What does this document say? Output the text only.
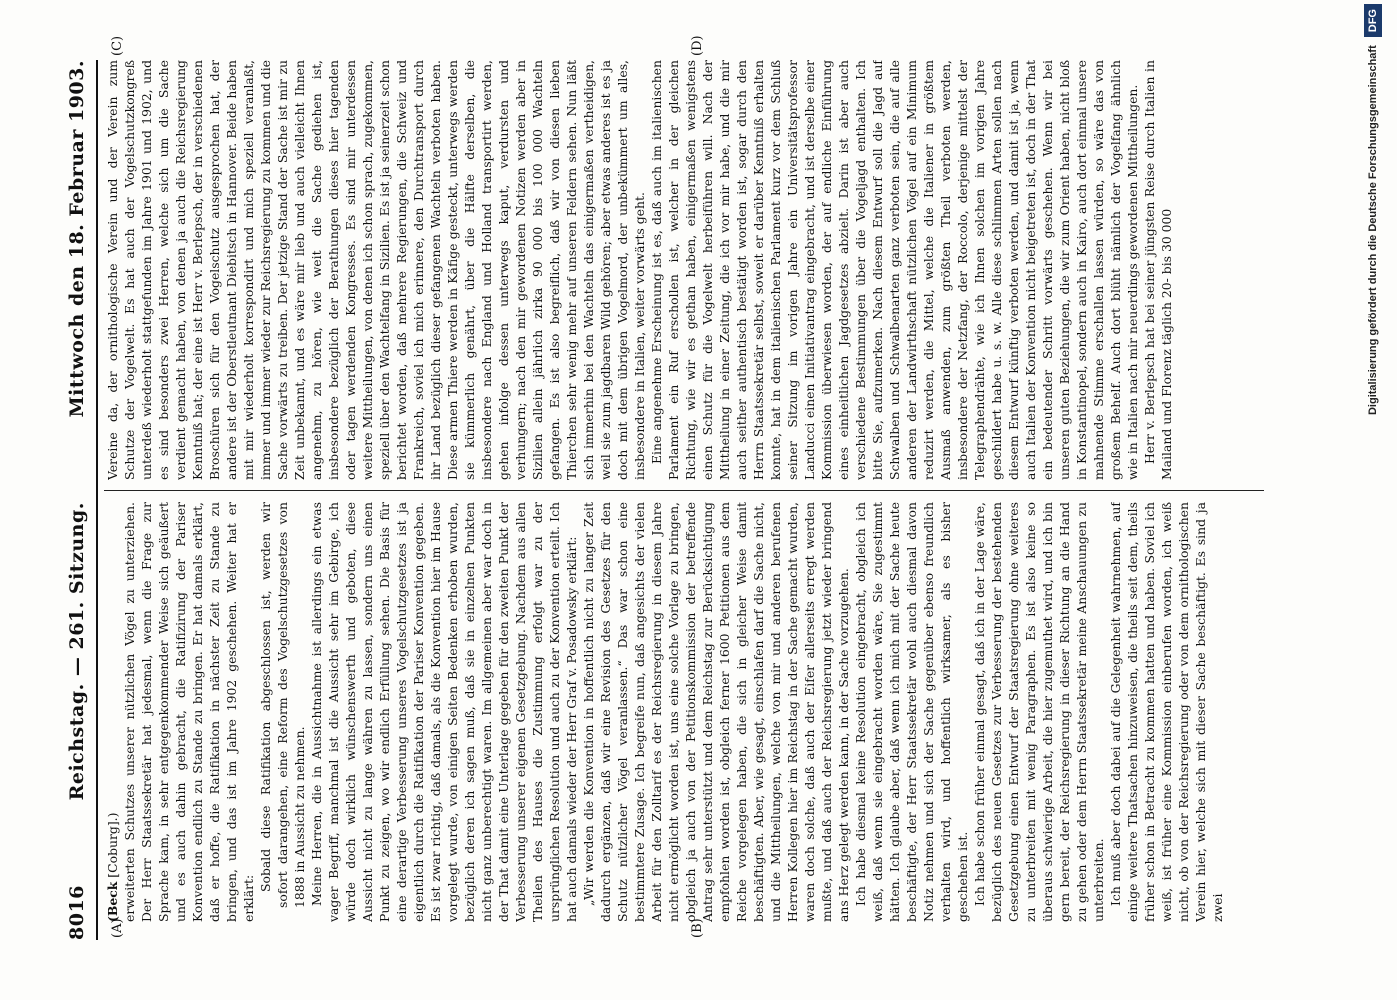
8016
Reichstag. — 261. Sitzung.
Mittwoch den 18. Februar 1903.
(A)	(B)
(C)	(D)

(Beck [Coburg].) erweiterten Schutzes unserer nützlichen Vögel zu unterziehen. Der Herr Staatssekretär hat jedesmal, wenn die Frage zur Sprache kam, in sehr entgegenkommender Weise sich geäußert und es auch dahin gebracht, die Ratifizirung der Pariser Konvention endlich zu Stande zu bringen. Er hat damals erklärt, daß er hoffe, die Ratifikation in nächster Zeit zu Stande zu bringen, und das ist im Jahre 1902 geschehen. Weiter hat er erklärt:

Sobald diese Ratifikation abgeschlossen ist, werden wir sofort darangehen, eine Reform des Vogelschutzgesetzes von 1888 in Aussicht zu nehmen. Meine Herren, die in Aussichtnahme ist allerdings ein etwas vager Begriff, manchmal ist die Aussicht sehr im Gebirge, ich würde doch wirklich wünschenswerth und geboten, diese Aussicht nicht zu lange währen zu lassen, sondern uns einen Punkt zu zeigen, wo wir endlich Erfüllung sehen. Die Basis für eine derartige Verbesserung unseres Vogelschutzgesetzes ist ja eigentlich durch die Ratifikation der Pariser Konvention gegeben. Es ist zwar richtig, daß damals, als die Konvention hier im Hause vorgelegt wurde, von einigen Seiten Bedenken erhoben wurden, bezüglich deren ich sagen muß, daß sie in einzelnen Punkten nicht ganz unberechtigt waren. Im allgemeinen aber war doch in der That damit eine Unterlage gegeben für den zweiten Punkt der Verbesserung unserer eigenen Gesetzgebung. Nachdem aus allen Theilen des Hauses die Zustimmung erfolgt war zu der ursprünglichen Resolution und auch zu der Konvention erteilt. Ich hat auch damals wieder der Herr Graf v. Posadowsky erklärt: „Wir werden die Konvention in hoffentlich nicht zu langer Zeit dadurch ergänzen, daß wir eine Revision des Gesetzes für den Schutz nützlicher Vögel veranlassen.“ Das war schon eine bestimmtere Zusage. Ich begreife nun, daß angesichts der vielen Arbeit für den Zolltarif es der Reichsregierung in diesem Jahre nicht ermöglicht worden ist, uns eine solche Vorlage zu bringen, obgleich ja auch von der Petitionskommission der betreffende Antrag sehr unterstützt und dem Reichstag zur Berücksichtigung empfohlen worden ist, obgleich ferner 1600 Petitionen aus dem Reiche vorgelegen haben, die sich in gleicher Weise damit beschäftigten. Aber, wie gesagt, einschlafen darf die Sache nicht, und die Mittheilungen, welche von mir und anderen berufenen Herren Kollegen hier im Reichstag in der Sache gemacht wurden, waren doch solche, daß auch der Eifer allerseits erregt werden mußte, und daß auch der Reichsregierung jetzt wieder bringend ans Herz gelegt werden kann, in der Sache vorzugehen. Ich habe diesmal keine Resolution eingebracht, obgleich ich weiß, daß wenn sie eingebracht worden wäre, Sie zugestimmt hätten. Ich glaube aber, daß wenn ich mich mit der Sache heute beschäftigte, der Herr Staatssekretär wohl auch diesmal davon Notiz nehmen und sich der Sache gegenüber ebenso freundlich verhalten wird, und hoffentlich wirksamer, als es bisher geschehen ist. Ich habe schon früher einmal gesagt, daß ich in der Lage wäre, bezüglich des neuen Gesetzes zur Verbesserung der bestehenden Gesetzgebung einen Entwurf der Staatsregierung ohne weiteres zu unterbreiten mit wenig Paragraphen. Es ist also keine so überaus schwierige Arbeit, die hier zugemuthet wird, und ich bin gern bereit, der Reichsregierung in dieser Richtung an die Hand zu gehen oder dem Herrn Staatssekretär meine Anschauungen zu unterbreiten. Ich muß aber doch dabei auf die Gelegenheit wahrnehmen, auf einige weitere Thatsachen hinzuweisen, die theils seit dem, theils früher schon in Betracht zu kommen hatten und haben. Soviel ich weiß, ist früher eine Kommission einberufen worden, ich weiß nicht, ob von der Reichsregierung oder von dem ornithologischen Verein hier, welche sich mit dieser Sache beschäftigt. Es sind ja zwei

Vereine da, der ornithologische Verein und der Verein zum Schutze der Vogelwelt. Es hat auch der Vogelschutzkongreß unterdeß wiederholt stattgefunden im Jahre 1901 und 1902, und es sind besonders zwei Herren, welche sich um die Sache verdient gemacht haben, von denen ja auch die Reichsregierung Kenntniß hat; der eine ist Herr v. Berlepsch, der in verschiedenen Broschüren sich für den Vogelschutz ausgesprochen hat, der andere ist der Oberstleutnant Diebitsch in Hannover. Beide haben mit mir wiederholt korrespondirt und mich speziell veranlaßt, immer und immer wieder zur Reichsregierung zu kommen und die Sache vorwärts zu treiben. Der jetzige Stand der Sache ist mir zu Zeit unbekannt, und es wäre mir lieb und auch vielleicht Ihnen angenehm, zu hören, wie weit die Sache gediehen ist, insbesondere bezüglich der Berathungen dieses hier tagenden oder tagen werdenden Kongresses. Es sind mir unterdessen weitere Mittheilungen, von denen ich schon sprach, zugekommen, speziell über den Wachtelfang in Sizilien. Es ist ja seinerzeit schon berichtet worden, daß mehrere Regierungen, die Schweiz und Frankreich, soviel ich mich erinnere, den Durchtransport durch ihr Land bezüglich dieser gefangenen Wachteln verboten haben. Diese armen Thiere werden in Käfige gesteckt, unterwegs werden sie kümmerlich genährt, über die Hälfte derselben, die insbesondere nach England und Holland transportirt werden, gehen infolge dessen unterwegs kaput, verdursten und verhungern; nach den mir gewordenen Notizen werden aber in Sizilien allein jährlich zirka 90 000 bis 100 000 Wachteln gefangen. Es ist also begreiflich, daß wir von diesen lieben Thierchen sehr wenig mehr auf unseren Feldern sehen. Nun läßt sich immerhin bei den Wachteln das einigermaßen vertheidigen, weil sie zum jagdbaren Wild gehören; aber etwas anderes ist es ja doch mit dem übrigen Vogelmord, der unbekümmert um alles, insbesondere in Italien, weiter vorwärts geht. Eine angenehme Erscheinung ist es, daß auch im italienischen Parlament ein Ruf erschollen ist, welcher in der gleichen Richtung, wie wir es gethan haben, einigermaßen wenigstens einen Schutz für die Vogelwelt herbeiführen will. Nach der Mittheilung in einer Zeitung, die ich vor mir habe, und die mir auch seither authentisch bestätigt worden ist, sogar durch den Herrn Staatssekretär selbst, soweit er darüber Kenntniß erhalten konnte, hat in dem italienischen Parlament kurz vor dem Schluß seiner Sitzung im vorigen Jahre ein Universitätsprofessor Landucci einen Initiativantrag eingebracht, und ist derselbe einer Kommission überwiesen worden, der auf endliche Einführung eines einheitlichen Jagdgesetzes abzielt. Darin ist aber auch verschiedene Bestimmungen über die Vogeljagd enthalten. Ich bitte Sie, aufzumerken. Nach diesem Entwurf soll die Jagd auf Schwalben und Schwalbenarten ganz verboten sein, die auf alle anderen der Landwirthschaft nützlichen Vögel auf ein Minimum reduzirt werden, die Mittel, welche die Italiener in größtem Ausmaß anwenden, zum größten Theil verboten werden, insbesondere der Netzfang, der Roccolo, derjenige mittelst der Telegraphendrähte, wie ich Ihnen solchen im vorigen Jahre geschildert habe u. s. w. Alle diese schlimmen Arten sollen nach diesem Entwurf künftig verboten werden, und damit ist ja, wenn auch Italien der Konvention nicht beigetreten ist, doch in der That ein bedeutender Schritt vorwärts geschehen. Wenn wir bei unseren guten Beziehungen, die wir zum Orient haben, nicht bloß in Konstantinopel, sondern auch in Kairo, auch dort einmal unsere mahnende Stimme erschallen lassen würden, so wäre das von großem Behelf. Auch dort blüht nämlich der Vogelfang ähnlich wie in Italien nach mir neuerdings gewordenen Mittheilungen. Herr v. Berlepsch hat bei seiner jüngsten Reise durch Italien in Mailand und Florenz täglich 20- bis 30 000	Digitalisierung gefördert durch die Deutsche Forschungsgemeinschaft
DFG
